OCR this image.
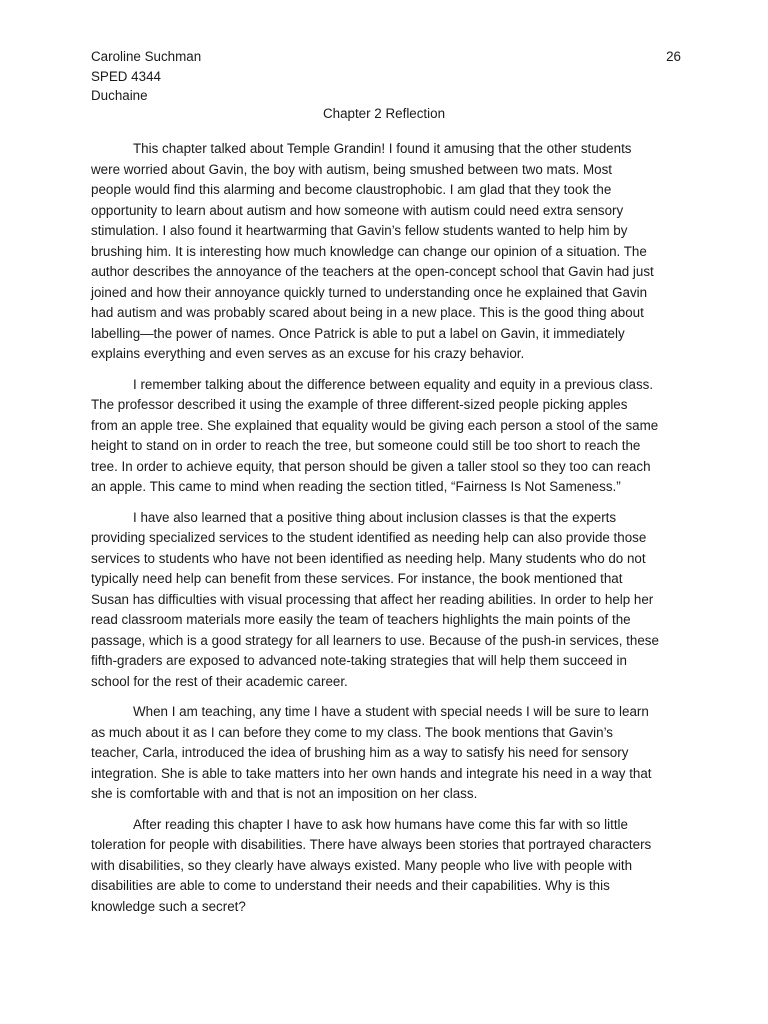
Caroline Suchman
SPED 4344
Duchaine
26
Chapter 2 Reflection
This chapter talked about Temple Grandin! I found it amusing that the other students
were worried about Gavin, the boy with autism, being smushed between two mats. Most
people would find this alarming and become claustrophobic. I am glad that they took the
opportunity to learn about autism and how someone with autism could need extra sensory
stimulation. I also found it heartwarming that Gavin’s fellow students wanted to help him by
brushing him. It is interesting how much knowledge can change our opinion of a situation. The
author describes the annoyance of the teachers at the open-concept school that Gavin had just
joined and how their annoyance quickly turned to understanding once he explained that Gavin
had autism and was probably scared about being in a new place. This is the good thing about
labelling—the power of names. Once Patrick is able to put a label on Gavin, it immediately
explains everything and even serves as an excuse for his crazy behavior.
I remember talking about the difference between equality and equity in a previous class.
The professor described it using the example of three different-sized people picking apples
from an apple tree. She explained that equality would be giving each person a stool of the same
height to stand on in order to reach the tree, but someone could still be too short to reach the
tree. In order to achieve equity, that person should be given a taller stool so they too can reach
an apple. This came to mind when reading the section titled, “Fairness Is Not Sameness.”
I have also learned that a positive thing about inclusion classes is that the experts
providing specialized services to the student identified as needing help can also provide those
services to students who have not been identified as needing help. Many students who do not
typically need help can benefit from these services. For instance, the book mentioned that
Susan has difficulties with visual processing that affect her reading abilities. In order to help her
read classroom materials more easily the team of teachers highlights the main points of the
passage, which is a good strategy for all learners to use. Because of the push-in services, these
fifth-graders are exposed to advanced note-taking strategies that will help them succeed in
school for the rest of their academic career.
When I am teaching, any time I have a student with special needs I will be sure to learn
as much about it as I can before they come to my class. The book mentions that Gavin’s
teacher, Carla, introduced the idea of brushing him as a way to satisfy his need for sensory
integration. She is able to take matters into her own hands and integrate his need in a way that
she is comfortable with and that is not an imposition on her class.
After reading this chapter I have to ask how humans have come this far with so little
toleration for people with disabilities. There have always been stories that portrayed characters
with disabilities, so they clearly have always existed. Many people who live with people with
disabilities are able to come to understand their needs and their capabilities. Why is this
knowledge such a secret?
